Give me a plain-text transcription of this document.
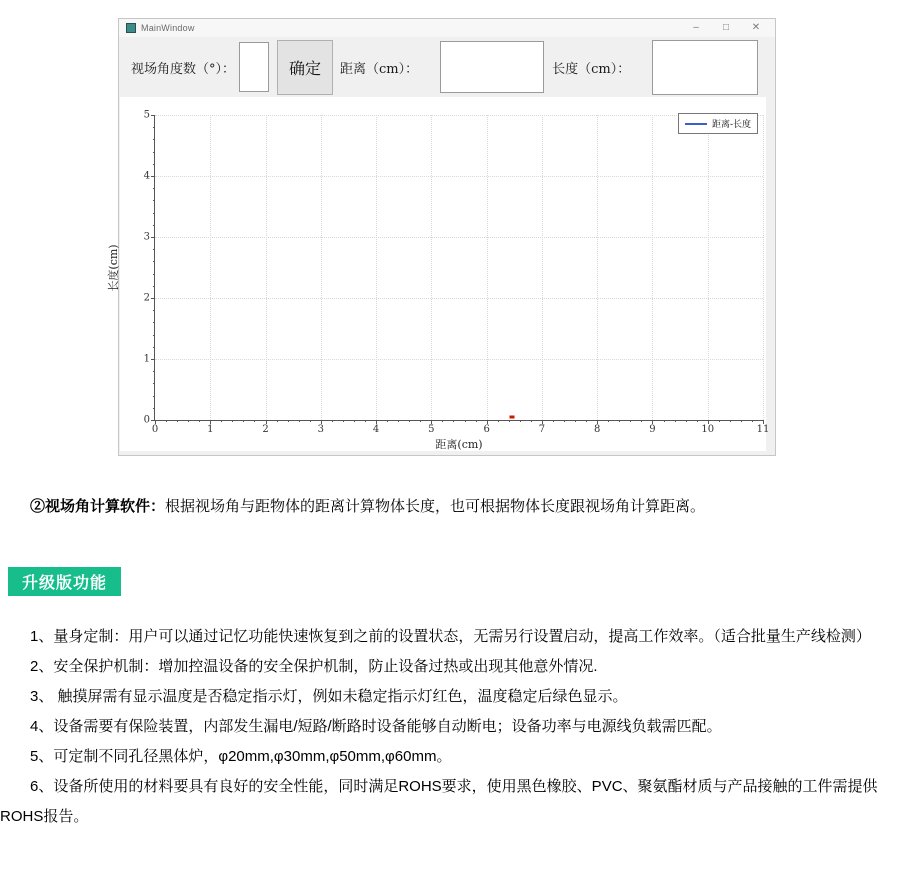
MainWindow	–	□	✕
视场角度数（°）：	确定	距离（cm）：	长度（cm）：
距离(cm)
长度(cm)
0	1	2	3	4	5	6	7	8	9	10	11
0
1
2
3
4
5
距离-长度

②视场角计算软件：根据视场角与距物体的距离计算物体长度，也可根据物体长度跟视场角计算距离。

升级版功能

1、量身定制：用户可以通过记忆功能快速恢复到之前的设置状态，无需另行设置启动，提高工作效率。（适合批量生产线检测）

2、安全保护机制：增加控温设备的安全保护机制，防止设备过热或出现其他意外情况.

3、 触摸屏需有显示温度是否稳定指示灯，例如未稳定指示灯红色，温度稳定后绿色显示。

4、设备需要有保险装置，内部发生漏电/短路/断路时设备能够自动断电；设备功率与电源线负载需匹配。

5、可定制不同孔径黑体炉，φ20mm,φ30mm,φ50mm,φ60mm。

6、设备所使用的材料要具有良好的安全性能，同时满足ROHS要求，使用黑色橡胶、PVC、聚氨酯材质与产品接触的工件需提供ROHS报告。
